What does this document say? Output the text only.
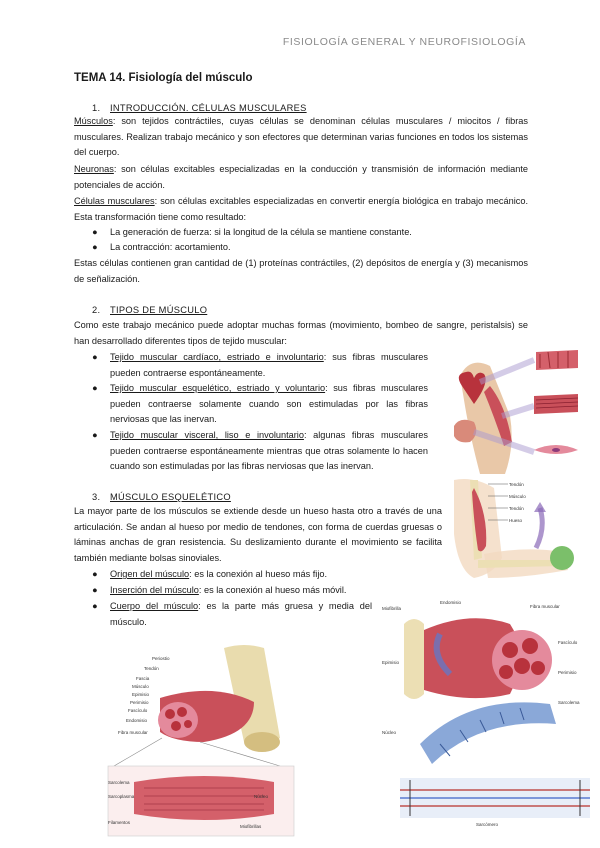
FISIOLOGÍA GENERAL Y NEUROFISIOLOGÍA
TEMA 14. Fisiología del músculo
1. INTRODUCCIÓN. CÉLULAS MUSCULARES
Músculos: son tejidos contráctiles, cuyas células se denominan células musculares / miocitos / fibras musculares. Realizan trabajo mecánico y son efectores que determinan varias funciones en todos los sistemas del cuerpo.
Neuronas: son células excitables especializadas en la conducción y transmisión de información mediante potenciales de acción.
Células musculares: son células excitables especializadas en convertir energía biológica en trabajo mecánico. Esta transformación tiene como resultado:
● La generación de fuerza: si la longitud de la célula se mantiene constante.
● La contracción: acortamiento.
Estas células contienen gran cantidad de (1) proteínas contráctiles, (2) depósitos de energía y (3) mecanismos de señalización.
2. TIPOS DE MÚSCULO
Como este trabajo mecánico puede adoptar muchas formas (movimiento, bombeo de sangre, peristalsis) se han desarrollado diferentes tipos de tejido muscular:
● Tejido muscular cardíaco, estriado e involuntario: sus fibras musculares pueden contraerse espontáneamente.
● Tejido muscular esquelético, estriado y voluntario: sus fibras musculares pueden contraerse solamente cuando son estimuladas por las fibras nerviosas que las inervan.
● Tejido muscular visceral, liso e involuntario: algunas fibras musculares pueden contraerse espontáneamente mientras que otras solamente lo hacen cuando son estimuladas por las fibras nerviosas que las inervan.
3. MÚSCULO ESQUELÉTICO
La mayor parte de los músculos se extiende desde un hueso hasta otro a través de una articulación. Se andan al hueso por medio de tendones, con forma de cuerdas gruesas o láminas anchas de gran resistencia. Su deslizamiento durante el movimiento se facilita también mediante bolsas sinoviales.
● Origen del músculo: es la conexión al hueso más fijo.
● Inserción del músculo: es la conexión al hueso más móvil.
● Cuerpo del músculo: es la parte más gruesa y media del músculo.
Tendón
Músculo
Tendón
Hueso
Miofibrilla
Endomisio
Fibra muscular
Fascículo
Perimisio
Epimisio
Sarcolema
Núcleo
Sarcómero
Periostio
Tendón
Fascia
Músculo
Epimisio
Perimisio
Fascículo
Endomisio
Fibra muscular
Sarcolema
Sarcoplasma	Núcleo
Filamentos
Miofibrillas
